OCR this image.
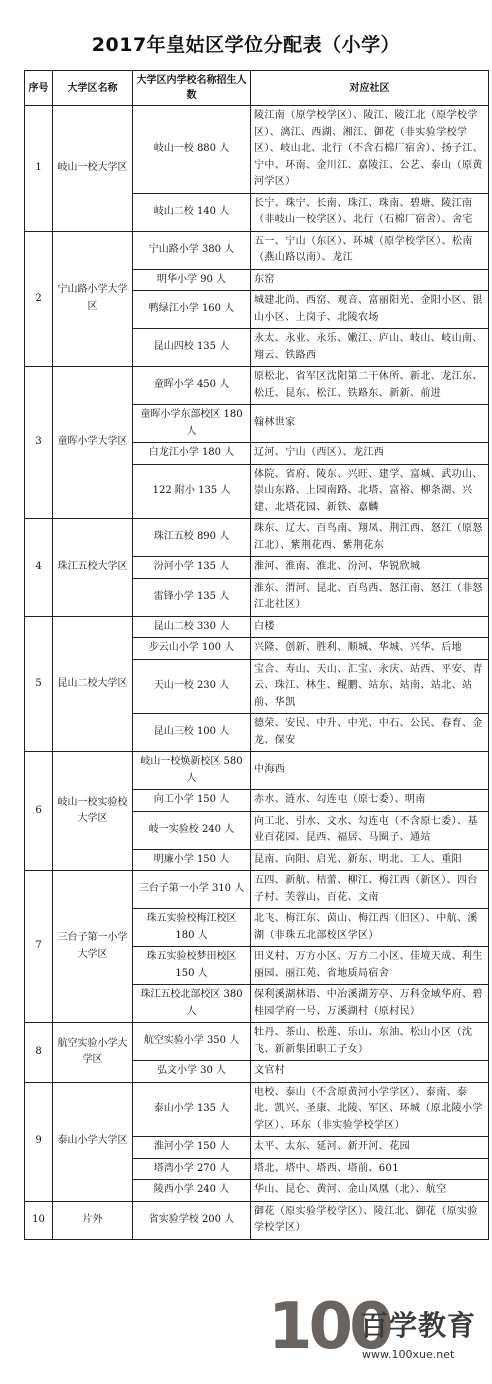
2017年皇姑区学位分配表（小学）
序号	大学区名称	大学区内学校名称招生人数	对应社区
1	岐山一校大学区	岐山一校 880 人	陵江南（原学校学区）、陵江、陵江北（原学校学区）、漓江、西湖、湘江、御花（非实验学校学区）、岐山北、北行（不含石棉厂宿舍）、扬子江、宁中、环南、金川江、嘉陵江、公艺、泰山（原黄河学区）
		岐山二校 140 人	长宁、珠宁、长南、珠江、珠南、碧塘、陵江南（非岐山一校学区）、北行（石棉厂宿舍）、舍宅
2	宁山路小学大学区	宁山路小学 380 人	五一、宁山（东区）、环城（原学校学区）、松南（燕山路以南）、龙江
		明华小学 90 人	东窑
		鸭绿江小学 160 人	城建北尚、西窑、观音、富丽阳光、金阳小区、银山小区、上岗子、北陵农场
		昆山四校 135 人	永太、永业、永乐、嫩江、庐山、岐山、岐山南、翔云、铁路西
3	童晖小学大学区	童晖小学 450 人	原松北、省军区沈阳第二干休所、新北、龙江东、松迁、昆东、松江、铁路东、新新、前进
		童晖小学东部校区 180 人	翰林世家
		白龙江小学 180 人	辽河、宁山（西区）、龙江西
		122 附小 135 人	体院、省府、陵东、兴旺、建学、富城、武功山、崇山东路、上园南路、北塔、富裕、柳条湖、兴建、北塔花园、新铁、嘉麟
4	珠江五校大学区	珠江五校 890 人	珠东、辽大、百鸟南、翔凤、荆江西、怒江（原怒江北）、紫荆花西、紫荆花东
		汾河小学 135 人	淮河、淮南、淮北、汾河、华锐欣城
		雷锋小学 135 人	淮东、渭河、昆北、百鸟西、怒江南、怒江（非怒江北社区）
5	昆山二校大学区	昆山二校 330 人	白楼
		步云山小学 100 人	兴隆、创新、胜利、顺城、华城、兴华、后地
		天山一校 230 人	宝合、寿山、天山、汇宝、永庆、站西、平安、青云、珠江、林生、鲲鹏、站东、站南、站北、站前、华凯
		昆山三校 100 人	德荣、安民、中升、中光、中石、公民、春育、金龙、保安
6	岐山一校实验校大学区	岐山一校焕新校区 580 人	中海西
		向工小学 150 人	赤水、涟水、勾连屯（原七委）、明南
		岐一实验校 240 人	向工北、引水、文水、勾连屯（不含原七委）、基业百花园、昆西、福居、马圈子、通站
		明廉小学 150 人	昆南、向阳、启光、新东、明北、工人、重阳
7	三台子第一小学大学区	三台子第一小学 310 人	五四、新航、桔蕾、柳江、梅江西（新区）、四台子村、芙蓉山、百花、文南
		珠五实验校梅江校区 180 人	北飞、梅江东、茵山、梅江西（旧区）、中航、溪湖（非珠五北部校区学区）
		珠五实验校梦田校区 150 人	田义村、万方小区、万方二小区、佳境天成、利生丽园、丽江苑、省地质局宿舍
		珠江五校北部校区 380 人	保利溪湖林语、中冶溪湖芳亭、万科金域华府、碧桂园学府一号、万溪湖村（原村民）
8	航空实验小学大学区	航空实验小学 350 人	牡丹、茶山、松莲、乐山、东油、松山小区（沈飞、新新集团职工子女）
		弘文小学 30 人	文官村
9	泰山小学大学区	泰山小学 135 人	电校、泰山（不含原黄河小学学区）、泰南、泰北、凯兴、圣康、北陵、军区、环城（原北陵小学学区）、环东（非实验学校学区）
		淮河小学 150 人	太平、太东、延河、新开河、花园
		塔湾小学 270 人	塔北、塔中、塔西、塔前、601
		陵西小学 240 人	华山、昆仑、黄河、金山凤凰（北）、航空
10	片外	省实验学校 200 人	御花（原实验学校学区）、陵江北、御花（原实验学校学区）
100
百学教育
www.100xue.net
